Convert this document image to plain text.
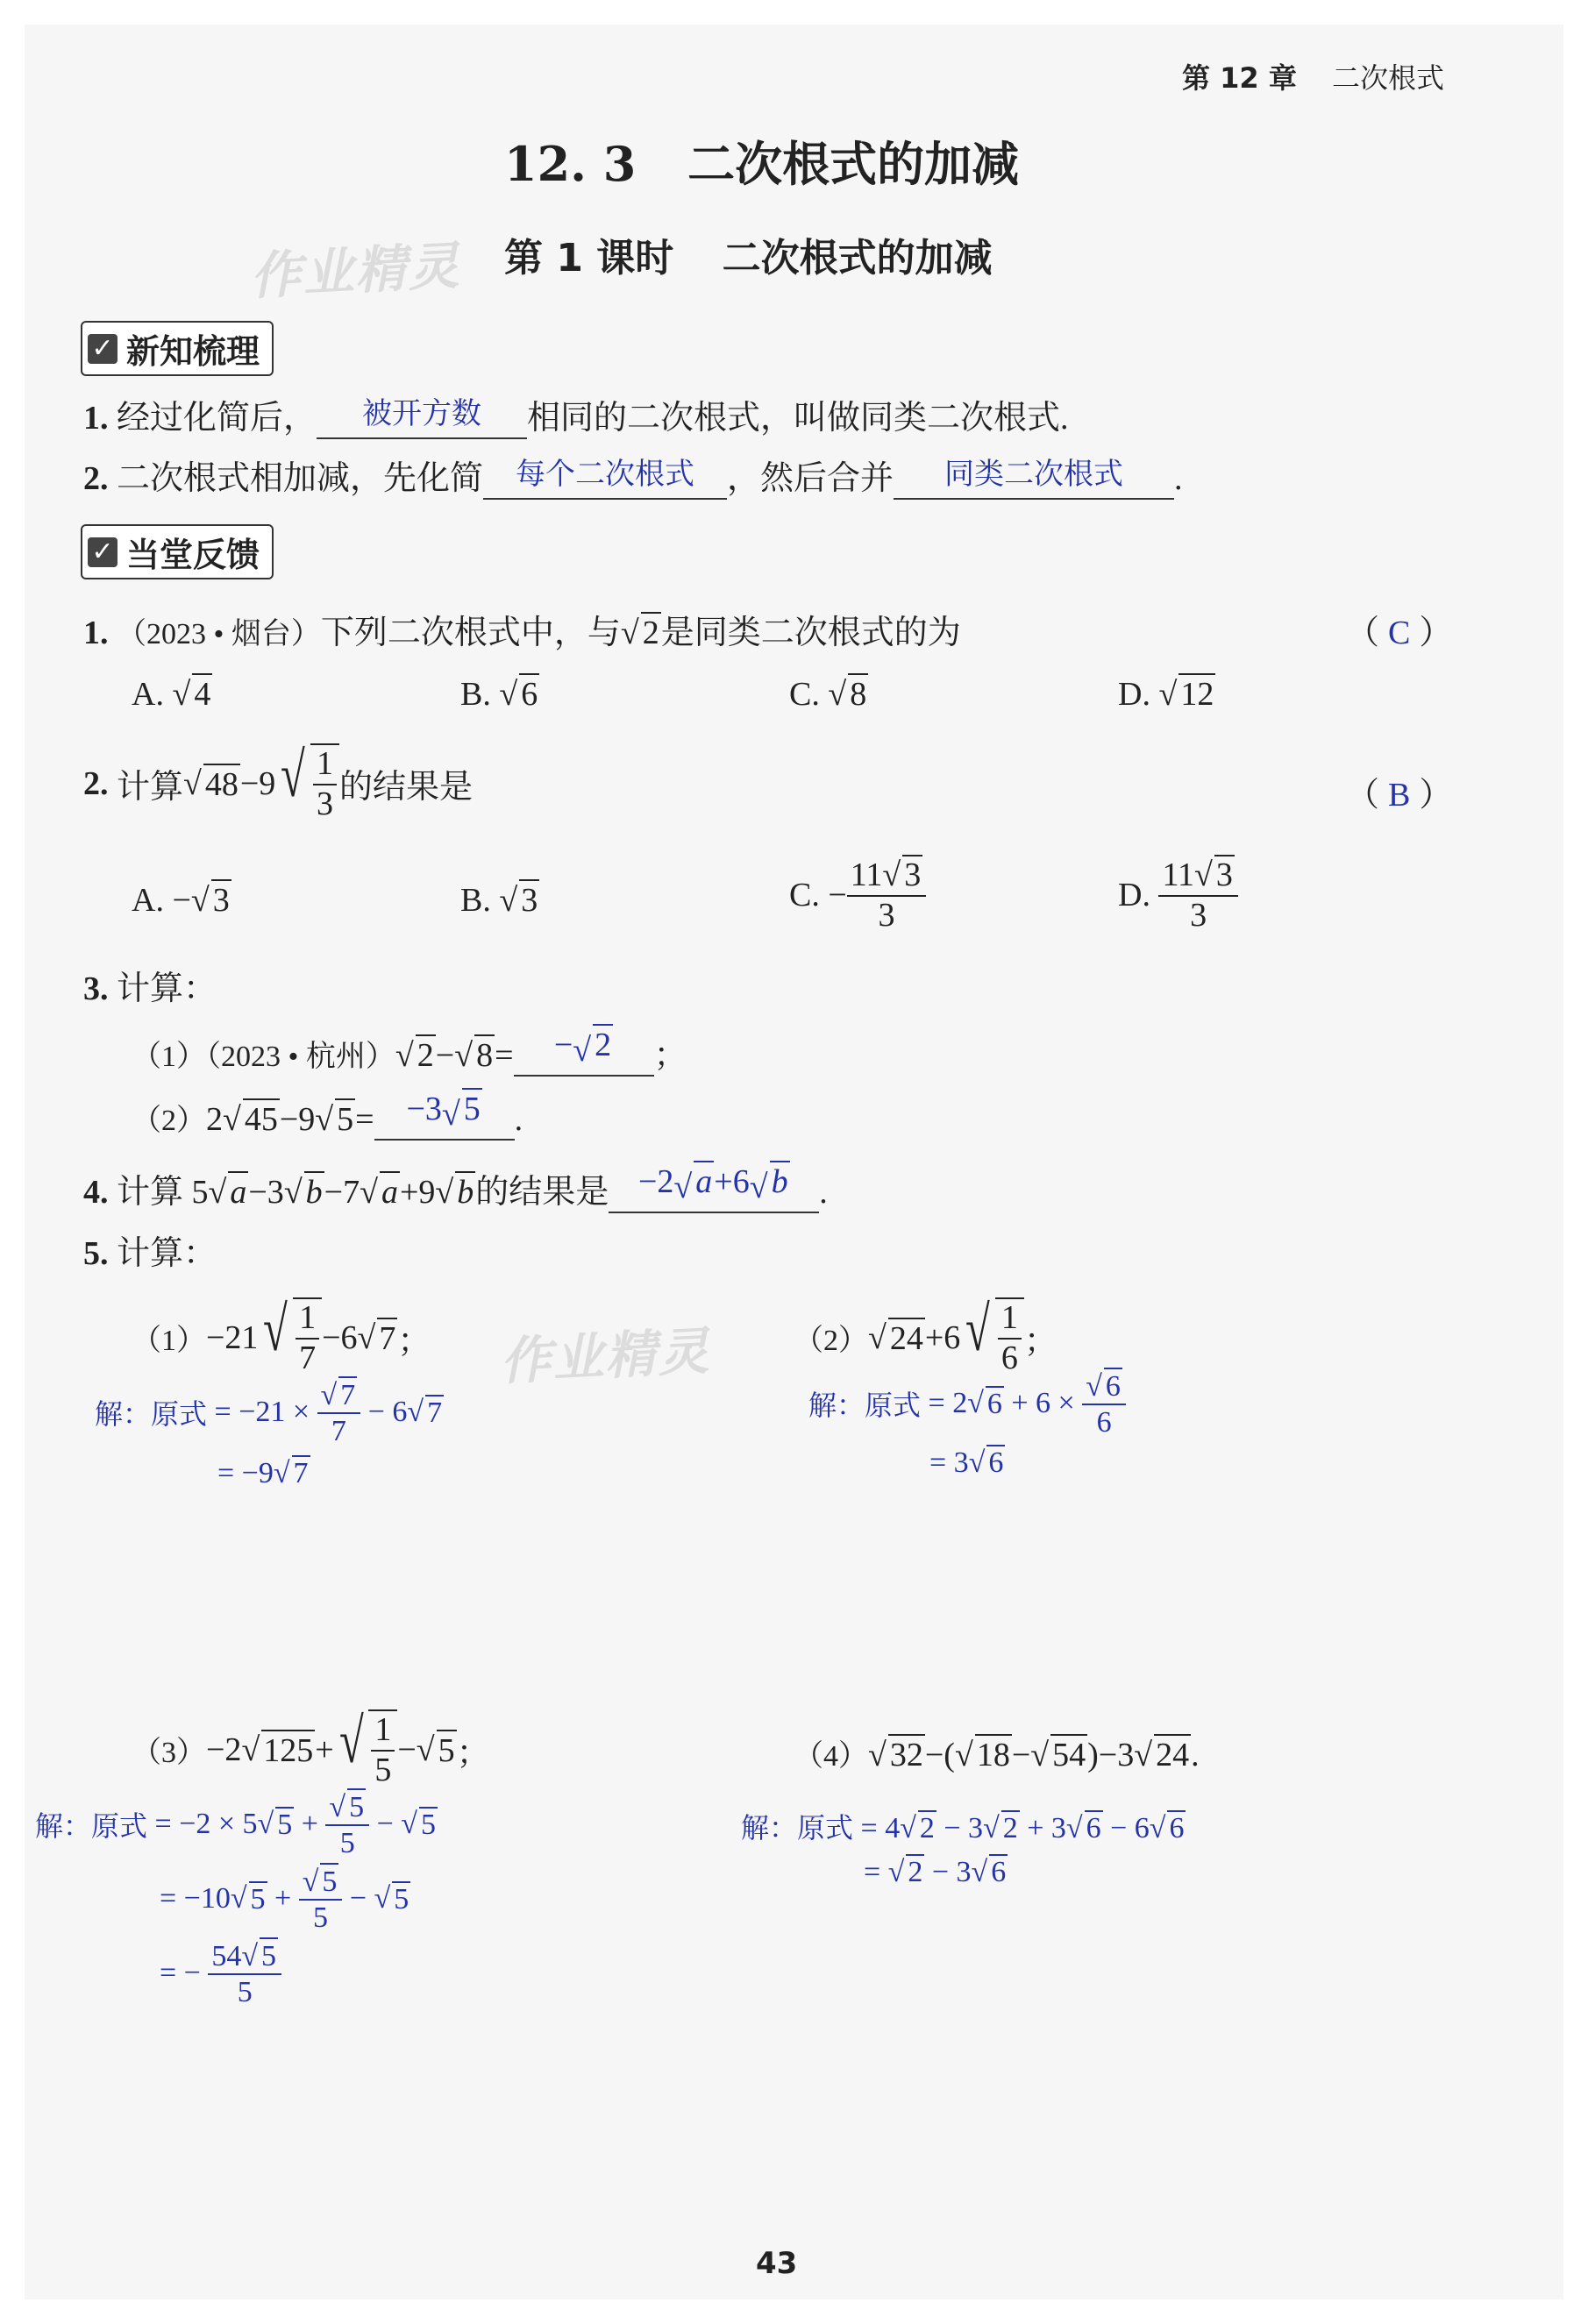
第 12 章 二次根式
12. 3 二次根式的加减
作业精灵 第 1 课时 二次根式的加减
✓ 新知梳理
1. 经过化简后， 被开方数 相同的二次根式，叫做同类二次根式.
2. 二次根式相加减，先化简 每个二次根式 ，然后合并 同类二次根式 .
✓ 当堂反馈
1. （2023 • 烟台）下列二次根式中，与√ 2是同类二次根式的为	（ C ）
A. √ 4	B. √ 6	C. √ 8	D. √ 12
2.
计算 √ 48 −9 √ $\frac{1}{3}$ 的结果是	（ B ）
A. −√ 3	B. √ 3	C.
− $\frac{11√ 3}{3}$	D.
$\frac{11√ 3}{3}$
3. 计算：
（1）（2023 • 杭州）√ 2−√ 8= −√ 2 ；
（2）2√ 45−9√ 5= −3√ 5 .
4. 计算 5√ a−3√ b−7√ a+9√ b的结果是 −2√ a+6√ b .
5. 计算：
（1） −21 √ $\frac{1}{7} -6$ √ 7 ； 作业精灵
解：原式
= −21 ×
$\frac{√ 7}{7}$
− 6 √ 7
= −9√ 7
（2） √ 24 +6 √ $\frac{1}{6}$ ；
解：原式
= 2 √ 6
+ 6 ×
$\frac{√ 6}{6}$
= 3√ 6
（3） −2 √ 125 + √ $\frac{1}{5}$ − √ 5 ；
解：原式
= −2 × 5 √ 5
+
$\frac{√ 5}{5}$
− √ 5
= −10 √ 5
+
$\frac{√ 5}{5}$
− √ 5
= −
$\frac{54√ 5}{5}$
（4）√ 32−(√ 18−√ 54)−3√ 24.
解：原式 = 4√ 2 − 3√ 2 + 3√ 6 − 6√ 6
= √ 2 − 3√ 6
43
